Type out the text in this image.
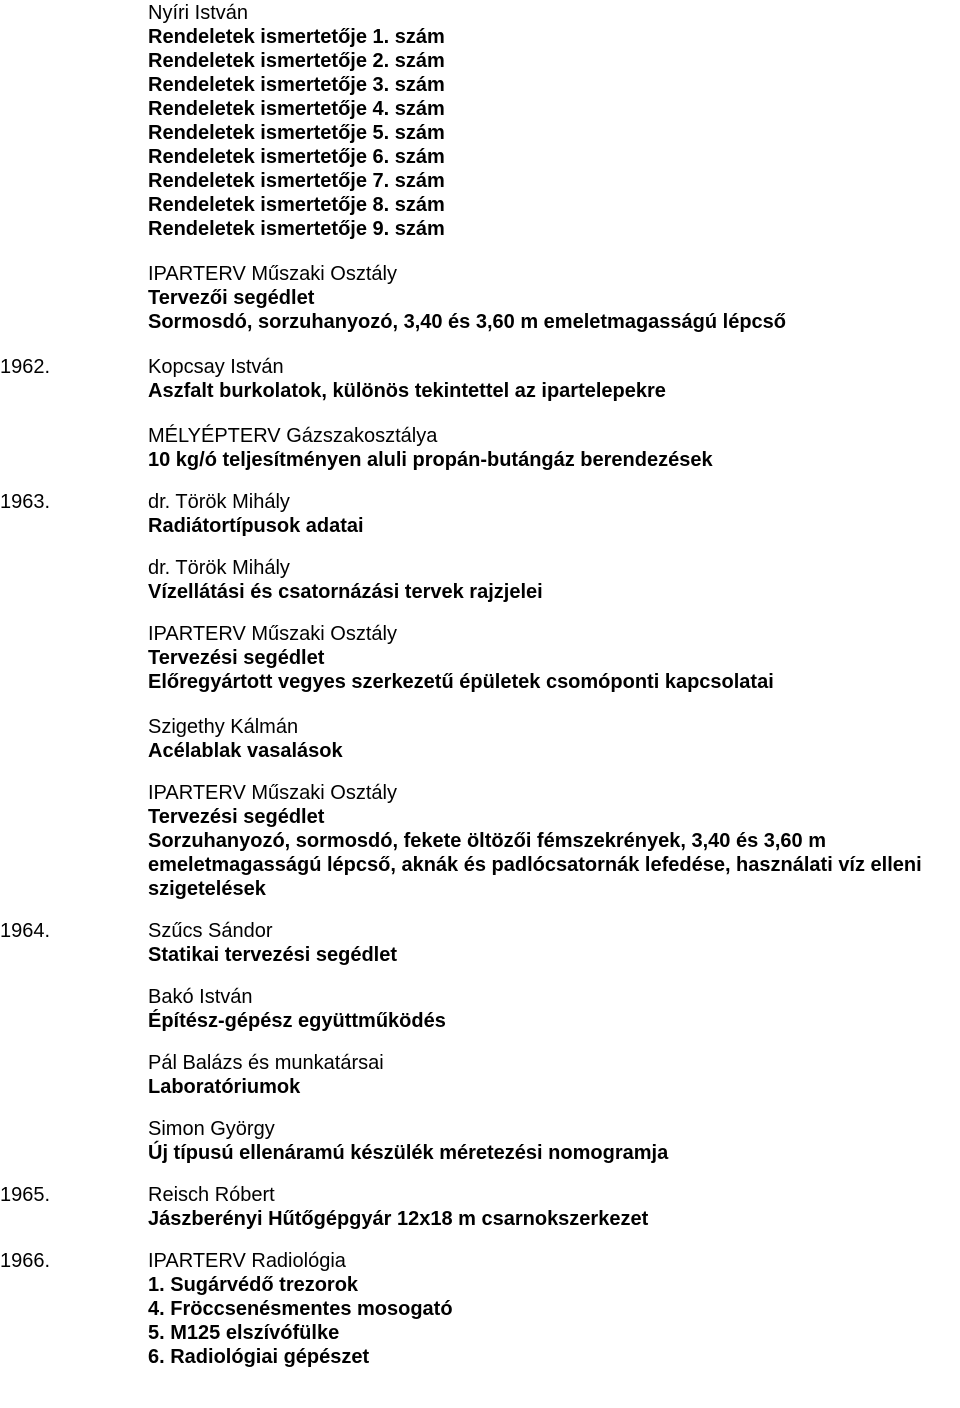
Nyíri István
Rendeletek ismertetője 1. szám
Rendeletek ismertetője 2. szám
Rendeletek ismertetője 3. szám
Rendeletek ismertetője 4. szám
Rendeletek ismertetője 5. szám
Rendeletek ismertetője 6. szám
Rendeletek ismertetője 7. szám
Rendeletek ismertetője 8. szám
Rendeletek ismertetője 9. szám
IPARTERV Műszaki Osztály
Tervezői segédlet
Sormosdó, sorzuhanyozó, 3,40 és 3,60 m emeletmagasságú lépcső
1962.	Kopcsay István
Aszfalt burkolatok, különös tekintettel az ipartelepekre
MÉLYÉPTERV Gázszakosztálya
10 kg/ó teljesítményen aluli propán-butángáz berendezések
1963.	dr. Török Mihály
Radiátortípusok adatai
dr. Török Mihály
Vízellátási és csatornázási tervek rajzjelei
IPARTERV Műszaki Osztály
Tervezési segédlet
Előregyártott vegyes szerkezetű épületek csomóponti kapcsolatai
Szigethy Kálmán
Acélablak vasalások
IPARTERV Műszaki Osztály
Tervezési segédlet
Sorzuhanyozó, sormosdó, fekete öltözői fémszekrények, 3,40 és 3,60 m
emeletmagasságú lépcső, aknák és padlócsatornák lefedése, használati víz elleni
szigetelések
1964.	Szűcs Sándor
Statikai tervezési segédlet
Bakó István
Építész-gépész együttműködés
Pál Balázs és munkatársai
Laboratóriumok
Simon György
Új típusú ellenáramú készülék méretezési nomogramja
1965.	Reisch Róbert
Jászberényi Hűtőgépgyár 12x18 m csarnokszerkezet
1966.	IPARTERV Radiológia
1. Sugárvédő trezorok
4. Fröccsenésmentes mosogató
5. M125 elszívófülke
6. Radiológiai gépészet
